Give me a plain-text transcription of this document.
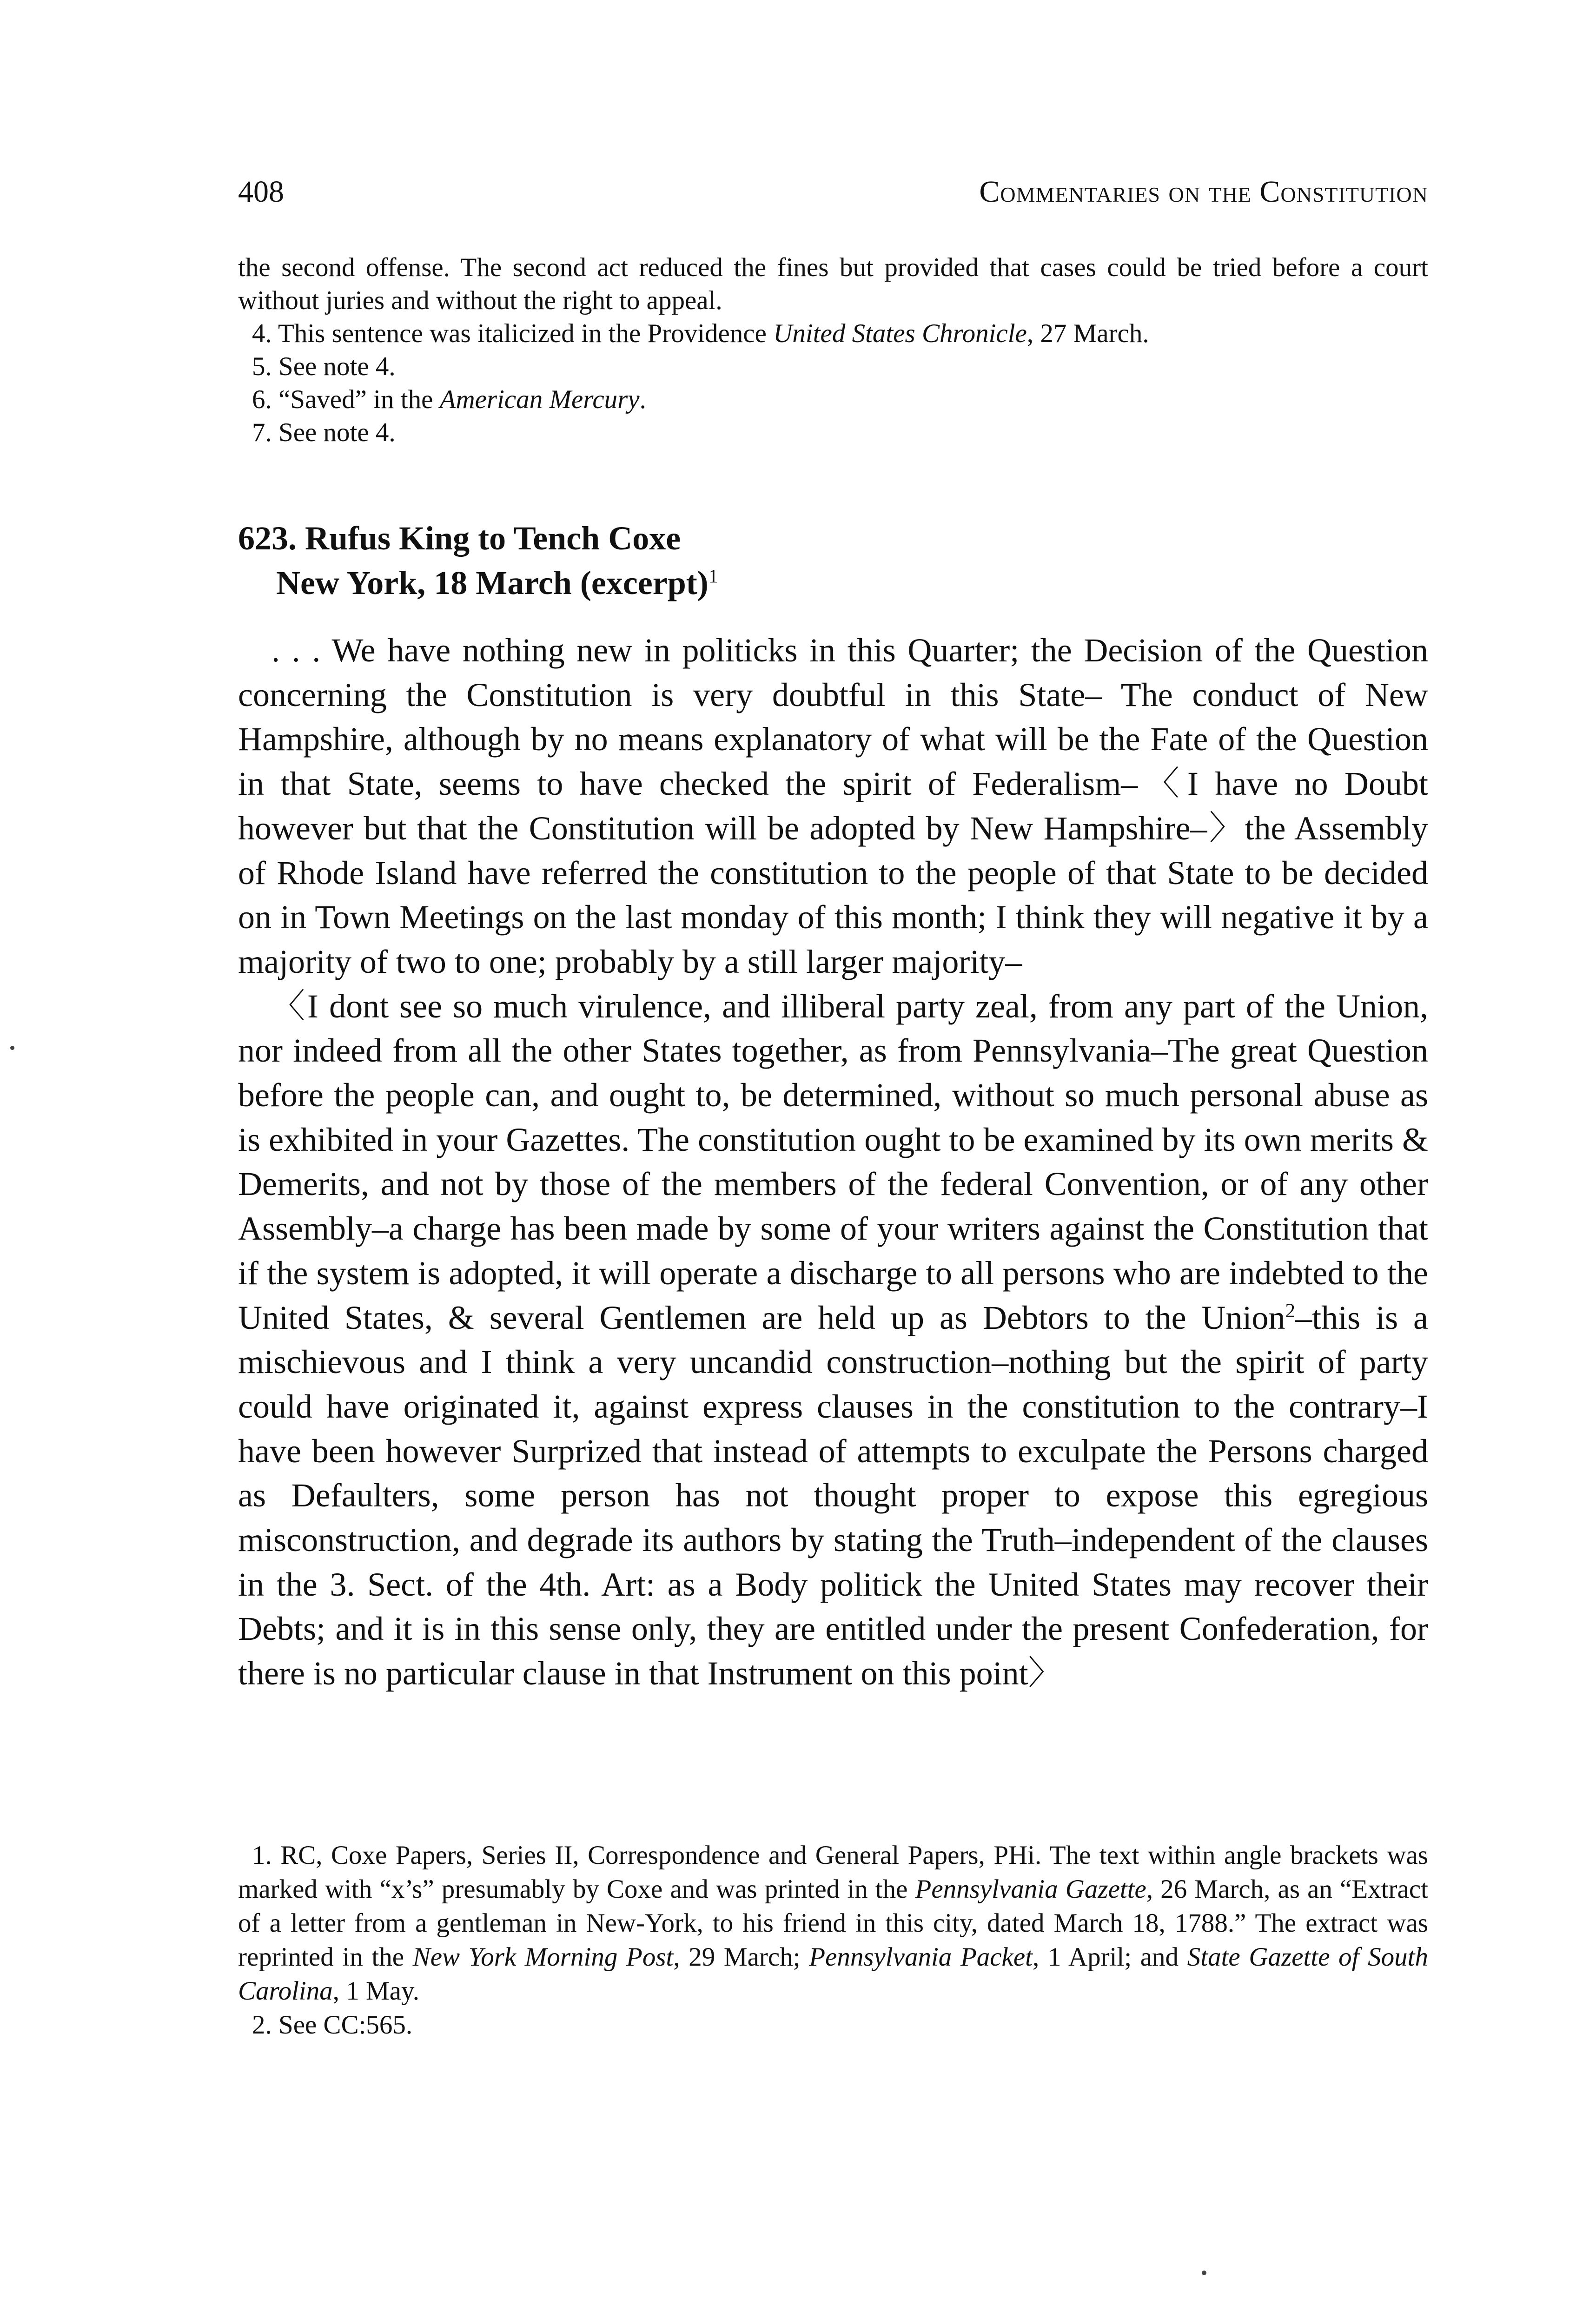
408	Commentaries on the Constitution

the second offense. The second act reduced the fines but provided that cases could be tried before a court without juries and without the right to appeal.

4. This sentence was italicized in the Providence United States Chronicle, 27 March.

5. See note 4.

6. “Saved” in the American Mercury.

7. See note 4.

623. Rufus King to Tench Coxe
New York, 18 March (excerpt)$^1$

. . . We have nothing new in politicks in this Quarter; the Decision of the Question concerning the Constitution is very doubtful in this State– The conduct of New Hampshire, although by no means explanatory of what will be the Fate of the Question in that State, seems to have checked the spirit of Federalism–〈I have no Doubt however but that the Constitution will be adopted by New Hampshire–〉the Assembly of Rhode Island have referred the constitution to the people of that State to be decided on in Town Meetings on the last monday of this month; I think they will negative it by a majority of two to one; probably by a still larger majority–

〈I dont see so much virulence, and illiberal party zeal, from any part of the Union, nor indeed from all the other States together, as from Pennsylvania–The great Question before the people can, and ought to, be determined, without so much personal abuse as is exhibited in your Gazettes. The constitution ought to be examined by its own merits & Demerits, and not by those of the members of the federal Convention, or of any other Assembly–a charge has been made by some of your writers against the Constitution that if the system is adopted, it will operate a discharge to all persons who are indebted to the United States, & several Gentlemen are held up as Debtors to the Union$^2$–this is a mischievous and I think a very uncandid construction–nothing but the spirit of party could have originated it, against express clauses in the constitution to the contrary–I have been however Surprized that instead of attempts to exculpate the Persons charged as Defaulters, some person has not thought proper to expose this egregious misconstruction, and degrade its authors by stating the Truth–independent of the clauses in the 3. Sect. of the 4th. Art: as a Body politick the United States may recover their Debts; and it is in this sense only, they are entitled under the present Confederation, for there is no particular clause in that Instrument on this point〉

1. RC, Coxe Papers, Series II, Correspondence and General Papers, PHi. The text within angle brackets was marked with “x’s” presumably by Coxe and was printed in the Pennsylvania Gazette, 26 March, as an “Extract of a letter from a gentleman in New-York, to his friend in this city, dated March 18, 1788.” The extract was reprinted in the New York Morning Post, 29 March; Pennsylvania Packet, 1 April; and State Gazette of South Carolina, 1 May.

2. See CC:565.
